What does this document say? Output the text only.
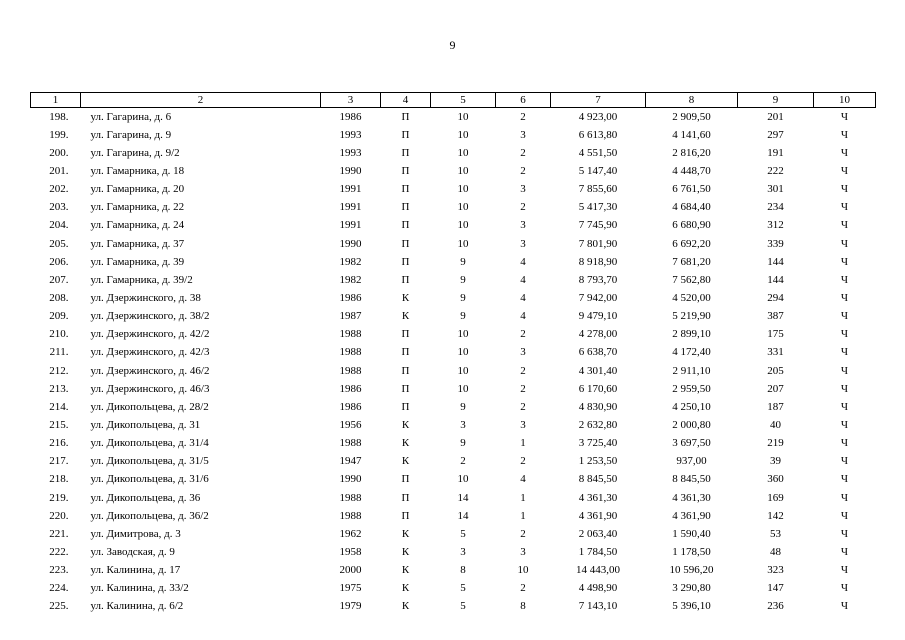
9
1	2	3	4	5	6	7	8	9	10
198.	ул. Гагарина, д. 6	1986	П	10	2	4 923,00	2 909,50	201	Ч
199.	ул. Гагарина, д. 9	1993	П	10	3	6 613,80	4 141,60	297	Ч
200.	ул. Гагарина, д. 9/2	1993	П	10	2	4 551,50	2 816,20	191	Ч
201.	ул. Гамарника, д. 18	1990	П	10	2	5 147,40	4 448,70	222	Ч
202.	ул. Гамарника, д. 20	1991	П	10	3	7 855,60	6 761,50	301	Ч
203.	ул. Гамарника, д. 22	1991	П	10	2	5 417,30	4 684,40	234	Ч
204.	ул. Гамарника, д. 24	1991	П	10	3	7 745,90	6 680,90	312	Ч
205.	ул. Гамарника, д. 37	1990	П	10	3	7 801,90	6 692,20	339	Ч
206.	ул. Гамарника, д. 39	1982	П	9	4	8 918,90	7 681,20	144	Ч
207.	ул. Гамарника, д. 39/2	1982	П	9	4	8 793,70	7 562,80	144	Ч
208.	ул. Дзержинского, д. 38	1986	К	9	4	7 942,00	4 520,00	294	Ч
209.	ул. Дзержинского, д. 38/2	1987	К	9	4	9 479,10	5 219,90	387	Ч
210.	ул. Дзержинского, д. 42/2	1988	П	10	2	4 278,00	2 899,10	175	Ч
211.	ул. Дзержинского, д. 42/3	1988	П	10	3	6 638,70	4 172,40	331	Ч
212.	ул. Дзержинского, д. 46/2	1988	П	10	2	4 301,40	2 911,10	205	Ч
213.	ул. Дзержинского, д. 46/3	1986	П	10	2	6 170,60	2 959,50	207	Ч
214.	ул. Дикопольцева, д. 28/2	1986	П	9	2	4 830,90	4 250,10	187	Ч
215.	ул. Дикопольцева, д. 31	1956	К	3	3	2 632,80	2 000,80	40	Ч
216.	ул. Дикопольцева, д. 31/4	1988	К	9	1	3 725,40	3 697,50	219	Ч
217.	ул. Дикопольцева, д. 31/5	1947	К	2	2	1 253,50	937,00	39	Ч
218.	ул. Дикопольцева, д. 31/6	1990	П	10	4	8 845,50	8 845,50	360	Ч
219.	ул. Дикопольцева, д. 36	1988	П	14	1	4 361,30	4 361,30	169	Ч
220.	ул. Дикопольцева, д. 36/2	1988	П	14	1	4 361,90	4 361,90	142	Ч
221.	ул. Димитрова, д. 3	1962	К	5	2	2 063,40	1 590,40	53	Ч
222.	ул. Заводская, д. 9	1958	К	3	3	1 784,50	1 178,50	48	Ч
223.	ул. Калинина, д. 17	2000	К	8	10	14 443,00	10 596,20	323	Ч
224.	ул. Калинина, д. 33/2	1975	К	5	2	4 498,90	3 290,80	147	Ч
225.	ул. Калинина, д. 6/2	1979	К	5	8	7 143,10	5 396,10	236	Ч
